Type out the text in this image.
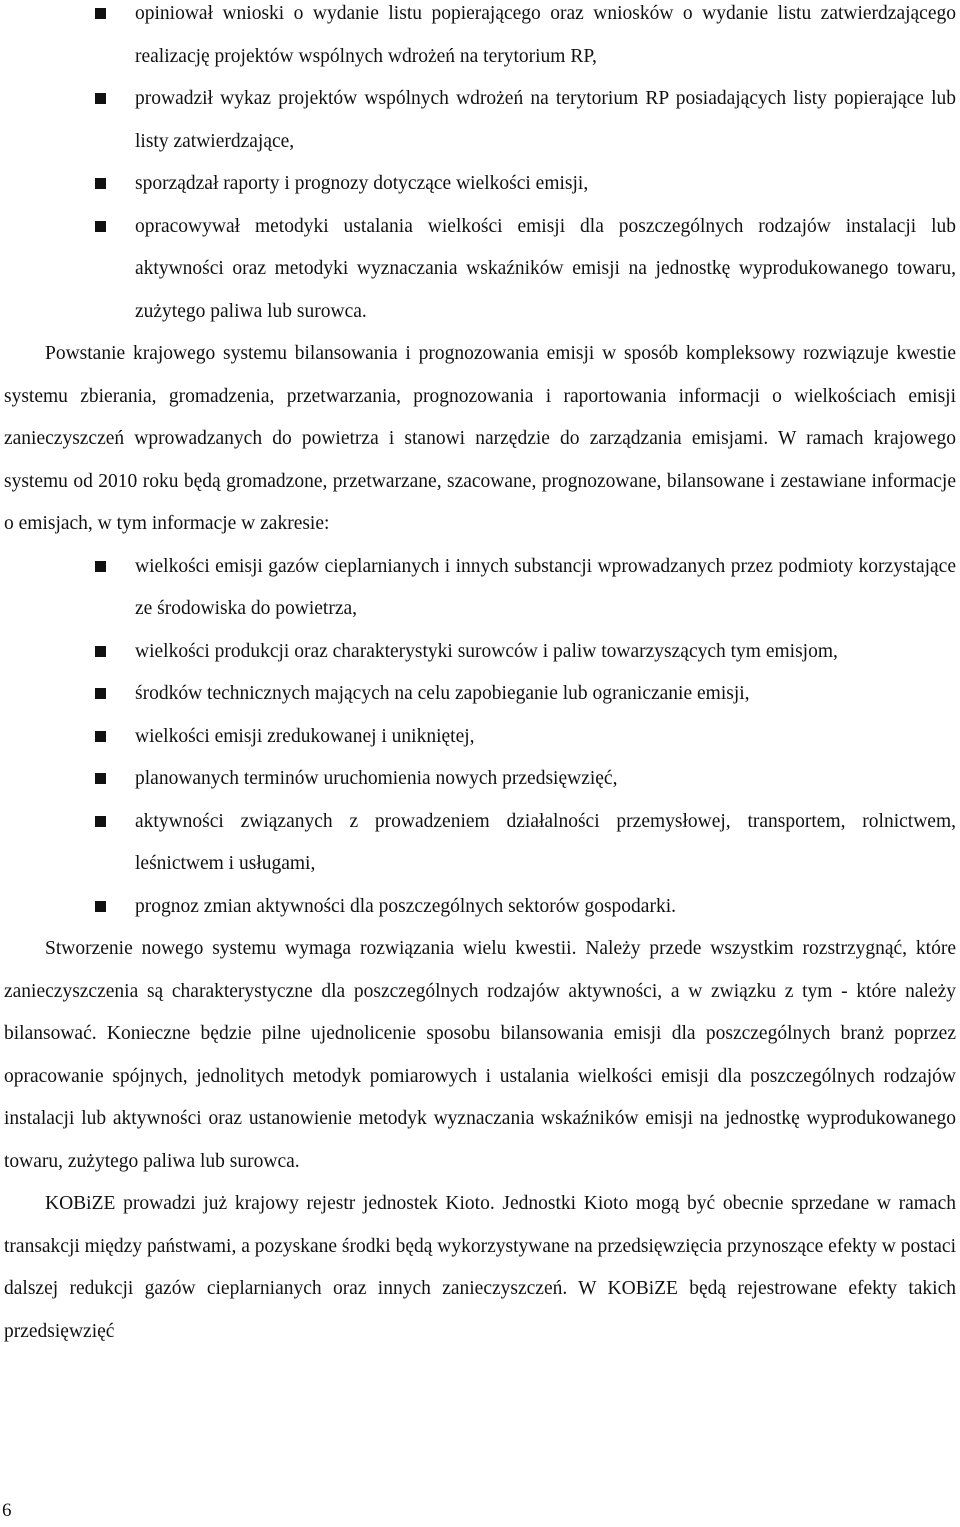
opiniował wnioski o wydanie listu popierającego oraz wniosków o wydanie listu zatwierdzającego realizację projektów wspólnych wdrożeń na terytorium RP,
prowadził wykaz projektów wspólnych wdrożeń na terytorium RP posiadających listy popierające lub listy zatwierdzające,
sporządzał raporty i prognozy dotyczące wielkości emisji,
opracowywał metodyki ustalania wielkości emisji dla poszczególnych rodzajów instalacji lub aktywności oraz metodyki wyznaczania wskaźników emisji na jednostkę wyprodukowanego towaru, zużytego paliwa lub surowca.

Powstanie krajowego systemu bilansowania i prognozowania emisji w sposób kompleksowy rozwiązuje kwestie systemu zbierania, gromadzenia, przetwarzania, prognozowania i raportowania informacji o wielkościach emisji zanieczyszczeń wprowadzanych do powietrza i stanowi narzędzie do zarządzania emisjami. W ramach krajowego systemu od 2010 roku będą gromadzone, przetwarzane, szacowane, prognozowane, bilansowane i zestawiane informacje o emisjach, w tym informacje w zakresie:

wielkości emisji gazów cieplarnianych i innych substancji wprowadzanych przez podmioty korzystające ze środowiska do powietrza,
wielkości produkcji oraz charakterystyki surowców i paliw towarzyszących tym emisjom,
środków technicznych mających na celu zapobieganie lub ograniczanie emisji,
wielkości emisji zredukowanej i unikniętej,
planowanych terminów uruchomienia nowych przedsięwzięć,
aktywności związanych z prowadzeniem działalności przemysłowej, transportem, rolnictwem, leśnictwem i usługami,
prognoz zmian aktywności dla poszczególnych sektorów gospodarki.

Stworzenie nowego systemu wymaga rozwiązania wielu kwestii. Należy przede wszystkim rozstrzygnąć, które zanieczyszczenia są charakterystyczne dla poszczególnych rodzajów aktywności, a w związku z tym - które należy bilansować. Konieczne będzie pilne ujednolicenie sposobu bilansowania emisji dla poszczególnych branż poprzez opracowanie spójnych, jednolitych metodyk pomiarowych i ustalania wielkości emisji dla poszczególnych rodzajów instalacji lub aktywności oraz ustanowienie metodyk wyznaczania wskaźników emisji na jednostkę wyprodukowanego towaru, zużytego paliwa lub surowca.

KOBiZE prowadzi już krajowy rejestr jednostek Kioto. Jednostki Kioto mogą być obecnie sprzedane w ramach transakcji między państwami, a pozyskane środki będą wykorzystywane na przedsięwzięcia przynoszące efekty w postaci dalszej redukcji gazów cieplarnianych oraz innych zanieczyszczeń. W KOBiZE będą rejestrowane efekty takich przedsięwzięć

6
